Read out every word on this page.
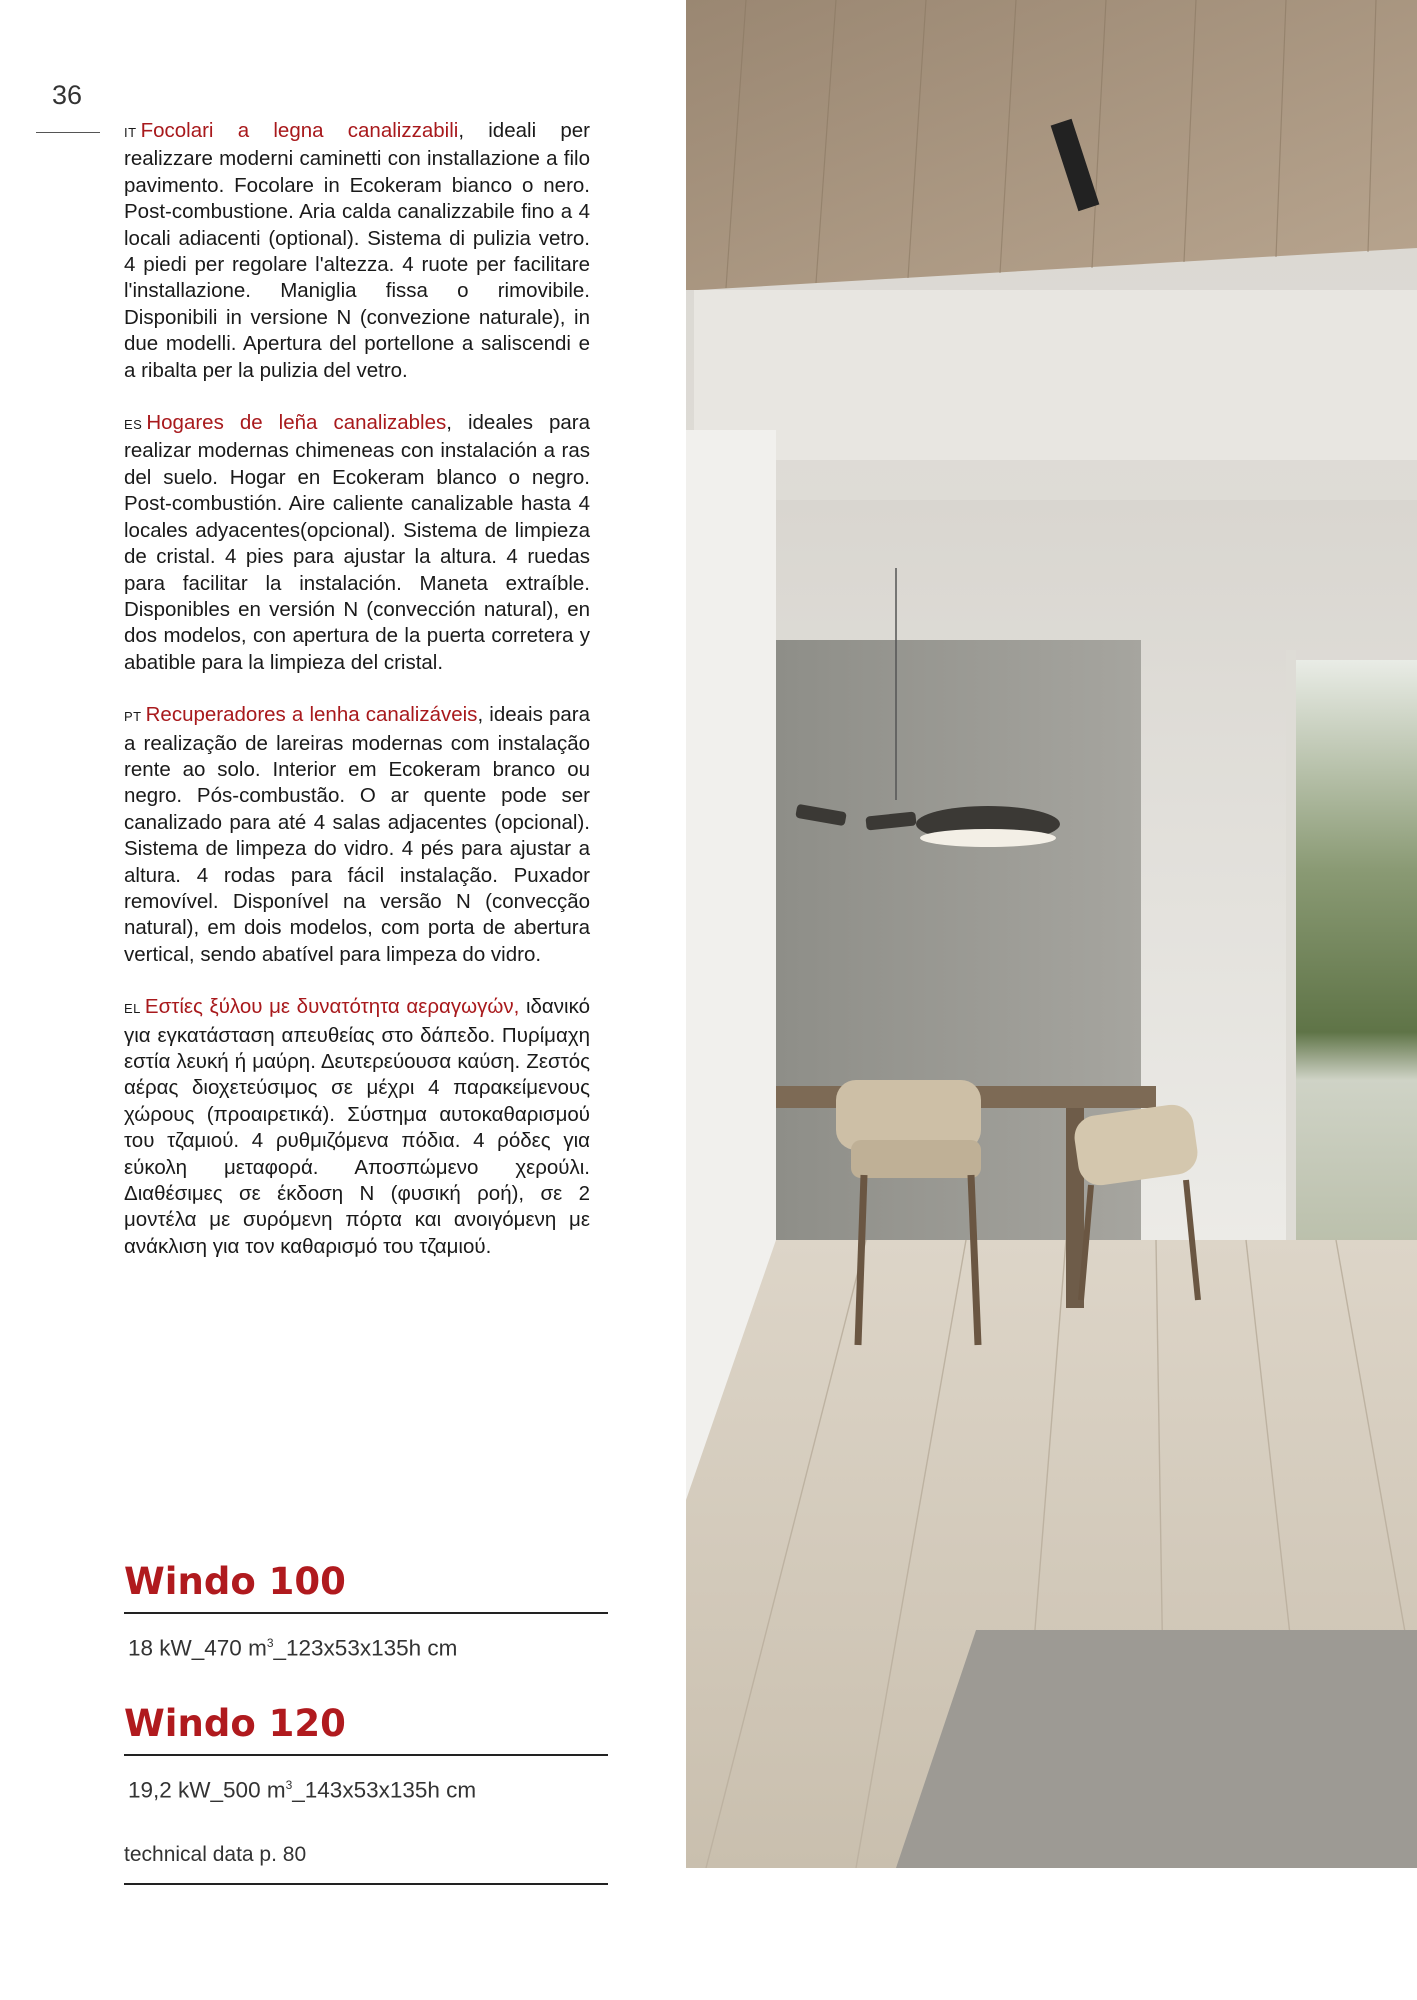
36

IT Focolari a legna canalizzabili, ideali per realizzare moderni caminetti con installazione a filo pavimento. Focolare in Ecokeram bianco o nero. Post-combustione. Aria calda canalizzabile fino a 4 locali adiacenti (optional). Sistema di pulizia vetro. 4 piedi per regolare l'altezza. 4 ruote per facilitare l'installazione. Maniglia fissa o rimovibile. Disponibili in versione N (convezione naturale), in due modelli. Apertura del portellone a saliscendi e a ribalta per la pulizia del vetro.

ES Hogares de leña canalizables, ideales para realizar modernas chimeneas con instalación a ras del suelo. Hogar en Ecokeram blanco o negro. Post-combustión. Aire caliente canalizable hasta 4 locales adyacentes(opcional). Sistema de limpieza de cristal. 4 pies para ajustar la altura. 4 ruedas para facilitar la instalación. Maneta extraíble. Disponibles en versión N (convección natural), en dos modelos, con apertura de la puerta corretera y abatible para la limpieza del cristal.

PT Recuperadores a lenha canalizáveis, ideais para a realização de lareiras modernas com instalação rente ao solo. Interior em Ecokeram branco ou negro. Pós-combustão. O ar quente pode ser canalizado para até 4 salas adjacentes (opcional). Sistema de limpeza do vidro. 4 pés para ajustar a altura. 4 rodas para fácil instalação. Puxador removível. Disponível na versão N (convecção natural), em dois modelos, com porta de abertura vertical, sendo abatível para limpeza do vidro.

EL Εστίες ξύλου με δυνατότητα αεραγωγών, ιδανικό για εγκατάσταση απευθείας στο δάπεδο. Πυρίμαχη εστία λευκή ή μαύρη. Δευτερεύουσα καύση. Ζεστός αέρας διοχετεύσιμος σε μέχρι 4 παρακείμενους χώρους (προαιρετικά). Σύστημα αυτοκαθαρισμού του τζαμιού. 4 ρυθμιζόμενα πόδια. 4 ρόδες για εύκολη μεταφορά. Αποσπώμενο χερούλι. Διαθέσιμες σε έκδοση Ν (φυσική ροή), σε 2 μοντέλα με συρόμενη πόρτα και ανοιγόμενη με ανάκλιση για τον καθαρισμό του τζαμιού.

Windo 100
18 kW_470 $m^3\_123x53x135h$ cm
Windo 120
19,2 kW_500 $m^3\_143x53x135h$ cm
technical data p. 80
